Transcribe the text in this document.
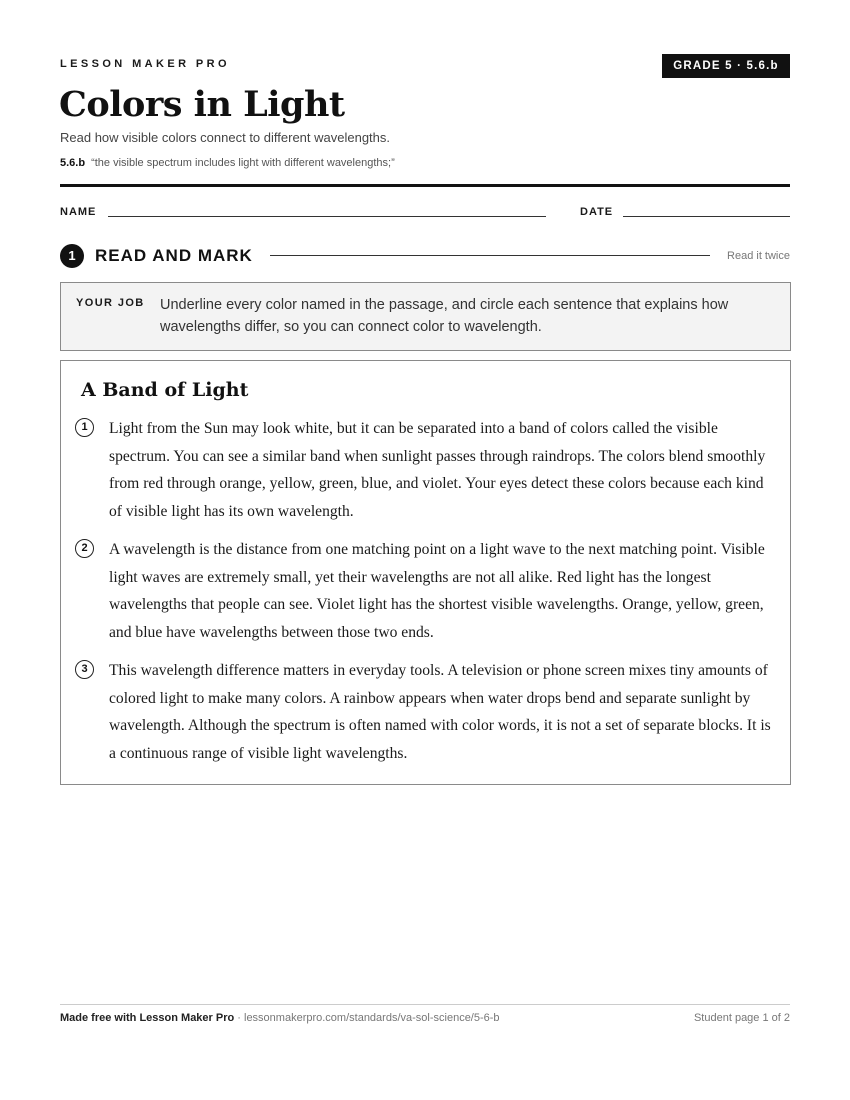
LESSON MAKER PRO	GRADE 5 · 5.6.b
Colors in Light
Read how visible colors connect to different wavelengths.
5.6.b “the visible spectrum includes light with different wavelengths;”
NAME	DATE
1	READ AND MARK	Read it twice
YOUR JOB Underline every color named in the passage, and circle each sentence that explains how wavelengths differ, so you can connect color to wavelength.
A Band of Light
1	Light from the Sun may look white, but it can be separated into a band of colors called the visible spectrum. You can see a similar band when sunlight passes through raindrops. The colors blend smoothly from red through orange, yellow, green, blue, and violet. Your eyes detect these colors because each kind of visible light has its own wavelength.

2	A wavelength is the distance from one matching point on a light wave to the next matching point. Visible light waves are extremely small, yet their wavelengths are not all alike. Red light has the longest wavelengths that people can see. Violet light has the shortest visible wavelengths. Orange, yellow, green, and blue have wavelengths between those two ends.

3	This wavelength difference matters in everyday tools. A television or phone screen mixes tiny amounts of colored light to make many colors. A rainbow appears when water drops bend and separate sunlight by wavelength. Although the spectrum is often named with color words, it is not a set of separate blocks. It is a continuous range of visible light wavelengths.

Made free with Lesson Maker Pro · lessonmakerpro.com/standards/va-sol-science/5-6-b	Student page 1 of 2
